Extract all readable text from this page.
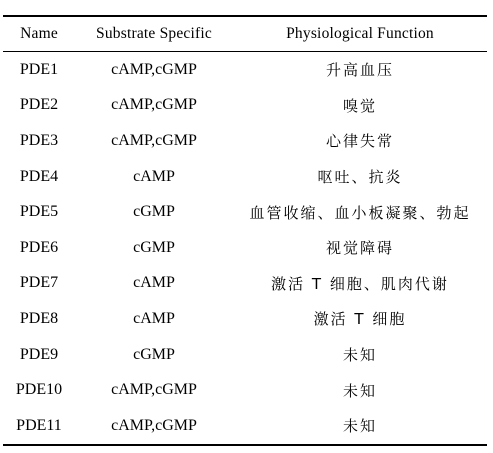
Name	Substrate Specific	Physiological Function
PDE1	cAMP,cGMP	升高血压
PDE2	cAMP,cGMP	嗅觉
PDE3	cAMP,cGMP	心律失常
PDE4	cAMP	呕吐、抗炎
PDE5	cGMP	血管收缩、血小板凝聚、勃起
PDE6	cGMP	视觉障碍
PDE7	cAMP	激活 T 细胞、肌肉代谢
PDE8	cAMP	激活 T 细胞
PDE9	cGMP	未知
PDE10	cAMP,cGMP	未知
PDE11	cAMP,cGMP	未知
